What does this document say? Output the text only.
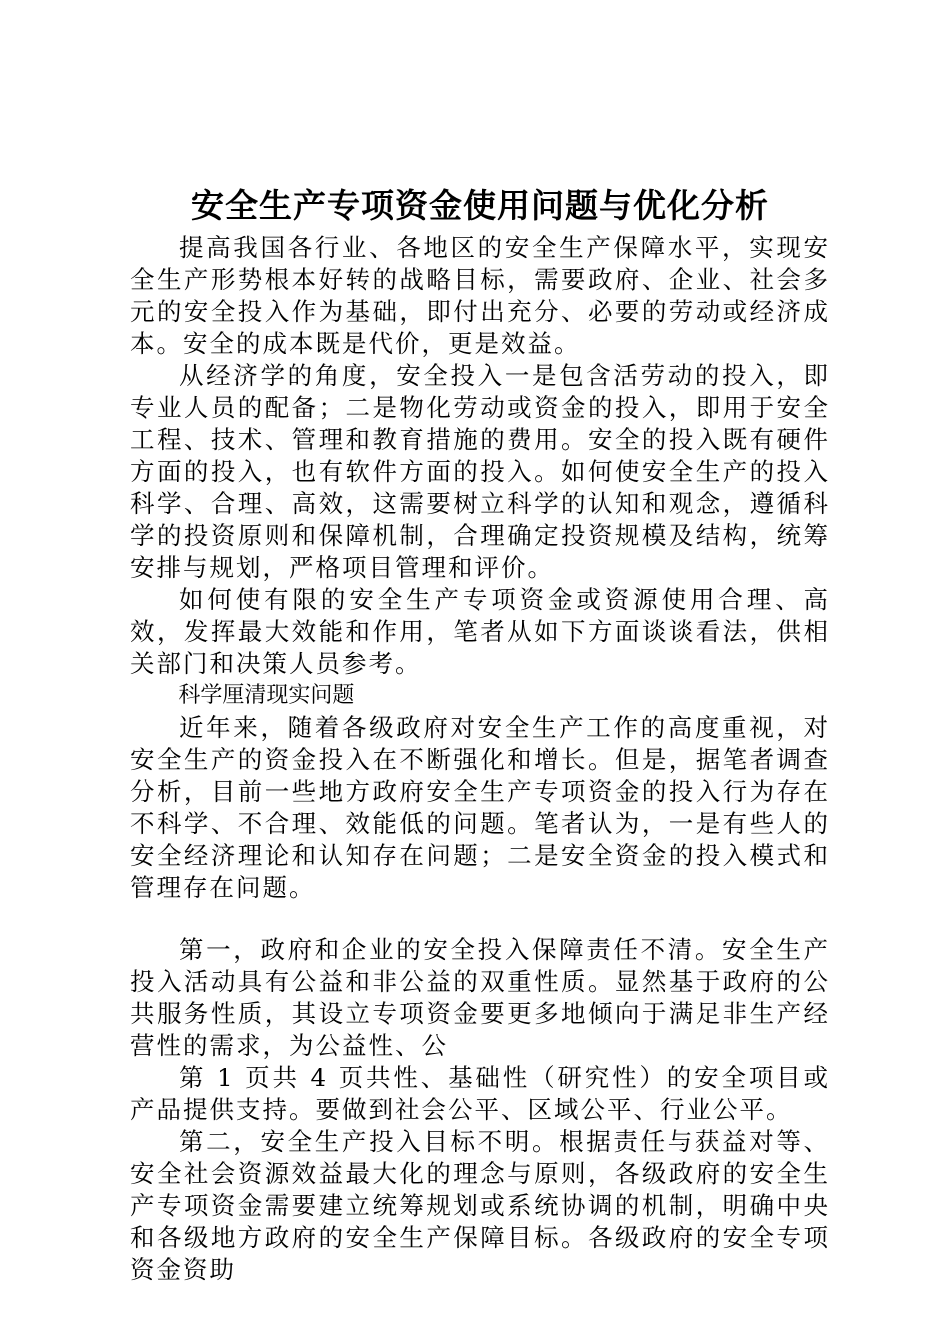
安全生产专项资金使用问题与优化分析

提高我国各行业、各地区的安全生产保障水平，实现安全生产形势根本好转的战略目标，需要政府、企业、社会多元的安全投入作为基础，即付出充分、必要的劳动或经济成本。安全的成本既是代价，更是效益。

从经济学的角度，安全投入一是包含活劳动的投入，即专业人员的配备；二是物化劳动或资金的投入，即用于安全工程、技术、管理和教育措施的费用。安全的投入既有硬件方面的投入，也有软件方面的投入。如何使安全生产的投入科学、合理、高效，这需要树立科学的认知和观念，遵循科学的投资原则和保障机制，合理确定投资规模及结构，统筹安排与规划，严格项目管理和评价。

如何使有限的安全生产专项资金或资源使用合理、高效，发挥最大效能和作用，笔者从如下方面谈谈看法，供相关部门和决策人员参考。

科学厘清现实问题

近年来，随着各级政府对安全生产工作的高度重视，对安全生产的资金投入在不断强化和增长。但是，据笔者调查分析，目前一些地方政府安全生产专项资金的投入行为存在不科学、不合理、效能低的问题。笔者认为，一是有些人的安全经济理论和认知存在问题；二是安全资金的投入模式和管理存在问题。

第一，政府和企业的安全投入保障责任不清。安全生产投入活动具有公益和非公益的双重性质。显然基于政府的公共服务性质，其设立专项资金要更多地倾向于满足非生产经营性的需求，为公益性、公

第 1 页共 4 页共性、基础性（研究性）的安全项目或产品提供支持。要做到社会公平、区域公平、行业公平。

第二，安全生产投入目标不明。根据责任与获益对等、安全社会资源效益最大化的理念与原则，各级政府的安全生产专项资金需要建立统筹规划或系统协调的机制，明确中央和各级地方政府的安全生产保障目标。各级政府的安全专项资金资助
